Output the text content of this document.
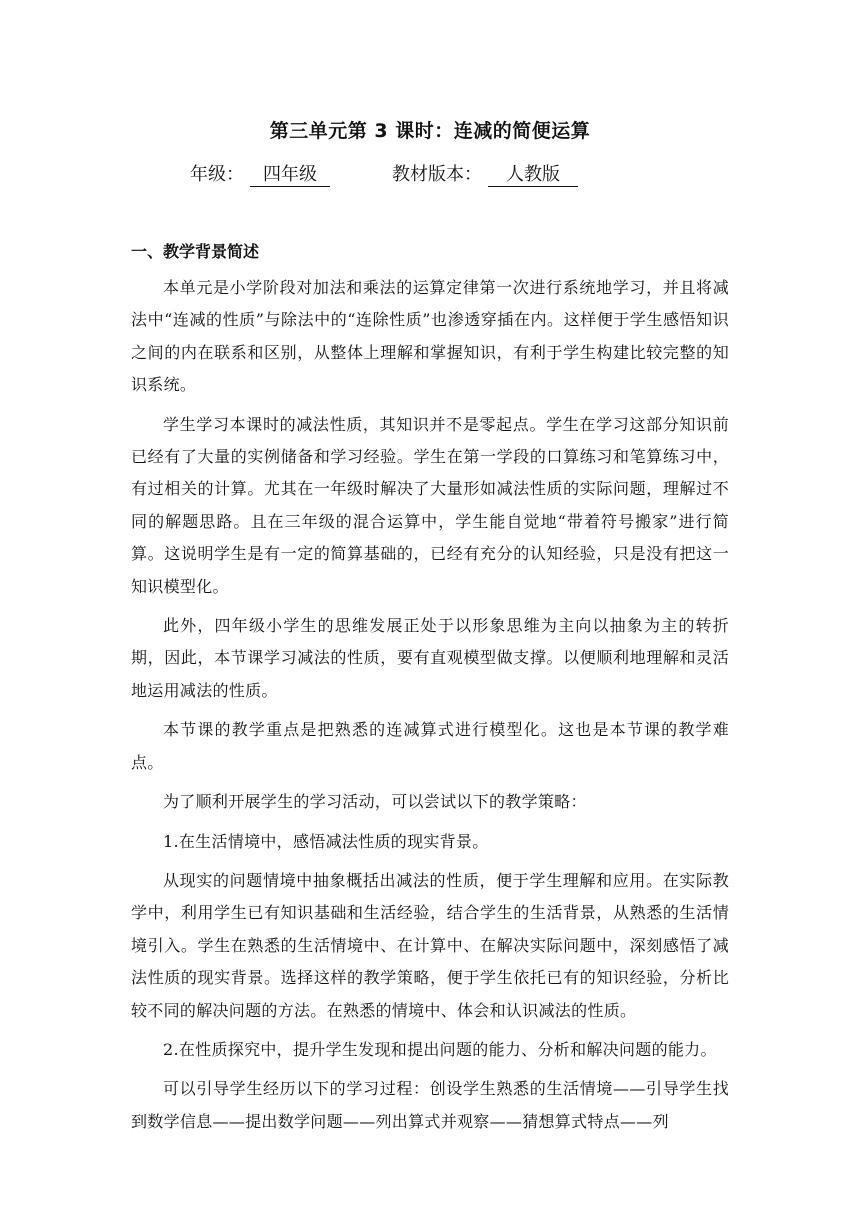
第三单元第 3 课时：连减的简便运算
年级： 四年级	教材版本： 人教版
一、教学背景简述

本单元是小学阶段对加法和乘法的运算定律第一次进行系统地学习，并且将减法中“连减的性质”与除法中的“连除性质”也渗透穿插在内。这样便于学生感悟知识之间的内在联系和区别，从整体上理解和掌握知识，有利于学生构建比较完整的知识系统。

学生学习本课时的减法性质，其知识并不是零起点。学生在学习这部分知识前已经有了大量的实例储备和学习经验。学生在第一学段的口算练习和笔算练习中，有过相关的计算。尤其在一年级时解决了大量形如减法性质的实际问题，理解过不同的解题思路。且在三年级的混合运算中，学生能自觉地“带着符号搬家”进行简算。这说明学生是有一定的简算基础的，已经有充分的认知经验，只是没有把这一知识模型化。

此外，四年级小学生的思维发展正处于以形象思维为主向以抽象为主的转折期，因此，本节课学习减法的性质，要有直观模型做支撑。以便顺利地理解和灵活地运用减法的性质。

本节课的教学重点是把熟悉的连减算式进行模型化。这也是本节课的教学难点。

为了顺利开展学生的学习活动，可以尝试以下的教学策略：

1.在生活情境中，感悟减法性质的现实背景。

从现实的问题情境中抽象概括出减法的性质，便于学生理解和应用。在实际教学中，利用学生已有知识基础和生活经验，结合学生的生活背景，从熟悉的生活情境引入。学生在熟悉的生活情境中、在计算中、在解决实际问题中，深刻感悟了减法性质的现实背景。选择这样的教学策略，便于学生依托已有的知识经验，分析比较不同的解决问题的方法。在熟悉的情境中、体会和认识减法的性质。

2.在性质探究中，提升学生发现和提出问题的能力、分析和解决问题的能力。

可以引导学生经历以下的学习过程：创设学生熟悉的生活情境——引导学生找到数学信息——提出数学问题——列出算式并观察——猜想算式特点——列
